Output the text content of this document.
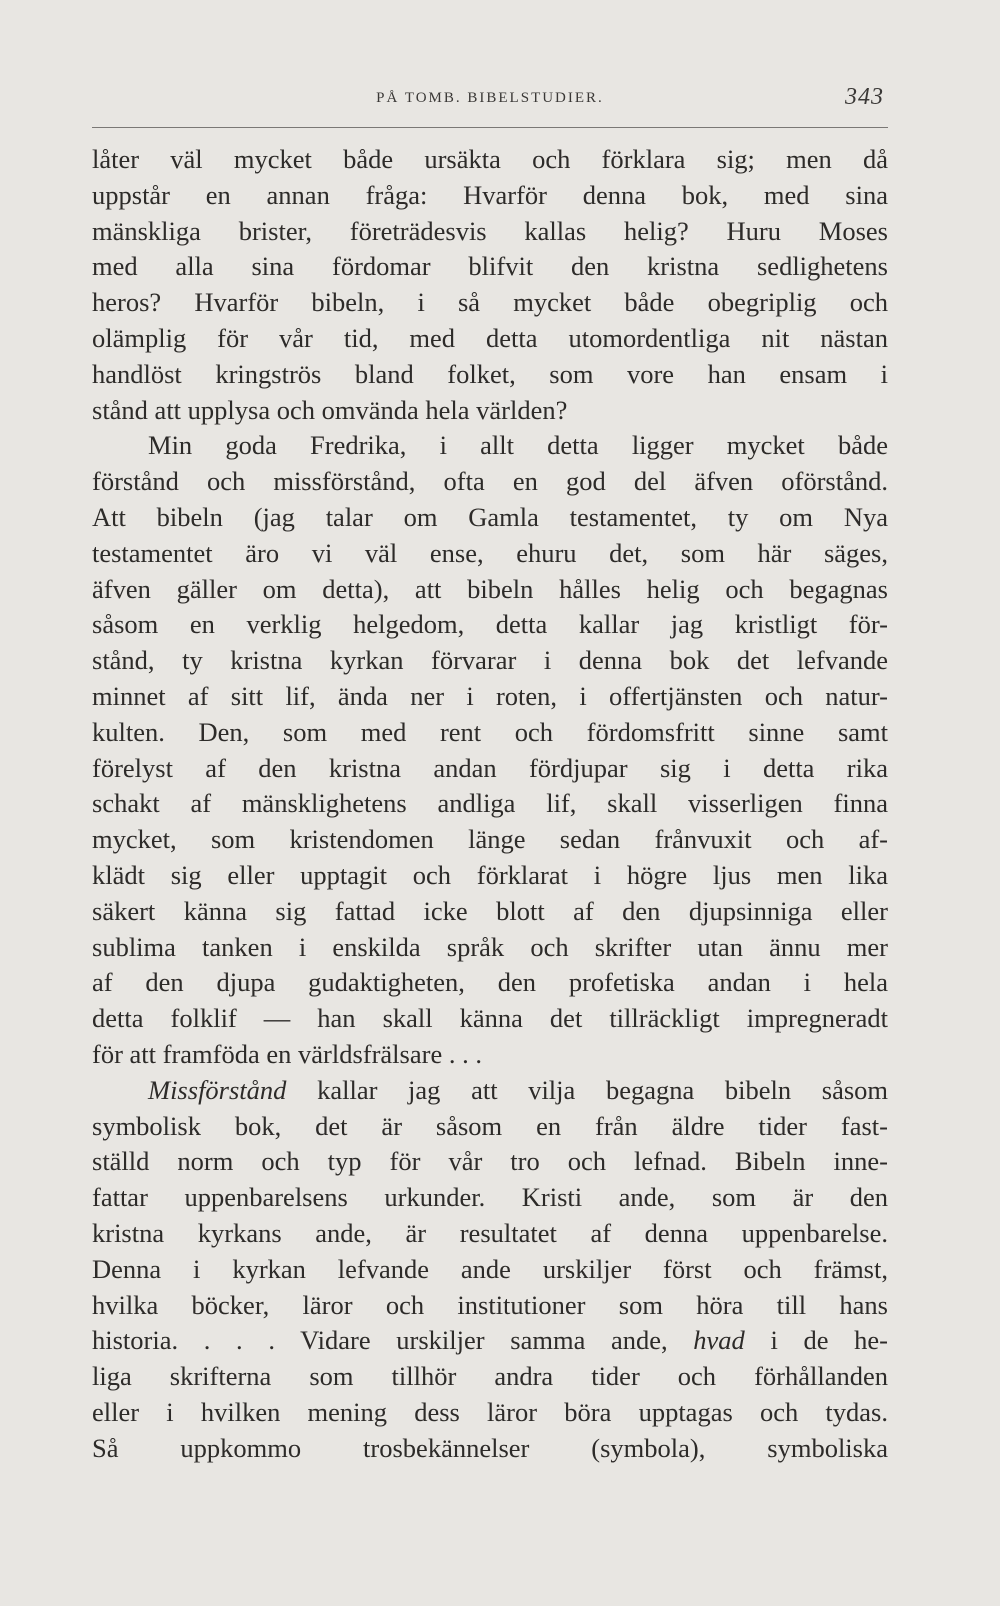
PÅ TOMB. BIBELSTUDIER.	343
låter väl mycket både ursäkta och förklara sig; men då
uppstår en annan fråga: Hvarför denna bok, med sina
mänskliga brister, företrädesvis kallas helig? Huru Moses
med alla sina fördomar blifvit den kristna sedlighetens
heros? Hvarför bibeln, i så mycket både obegriplig och
olämplig för vår tid, med detta utomordentliga nit nästan
handlöst kringströs bland folket, som vore han ensam i
stånd att upplysa och omvända hela världen?
Min goda Fredrika, i allt detta ligger mycket både
förstånd och missförstånd, ofta en god del äfven oförstånd.
Att bibeln (jag talar om Gamla testamentet, ty om Nya
testamentet äro vi väl ense, ehuru det, som här säges,
äfven gäller om detta), att bibeln hålles helig och begagnas
såsom en verklig helgedom, detta kallar jag kristligt för-
stånd, ty kristna kyrkan förvarar i denna bok det lefvande
minnet af sitt lif, ända ner i roten, i offertjänsten och natur-
kulten. Den, som med rent och fördomsfritt sinne samt
förelyst af den kristna andan fördjupar sig i detta rika
schakt af mänsklighetens andliga lif, skall visserligen finna
mycket, som kristendomen länge sedan frånvuxit och af-
klädt sig eller upptagit och förklarat i högre ljus men lika
säkert känna sig fattad icke blott af den djupsinniga eller
sublima tanken i enskilda språk och skrifter utan ännu mer
af den djupa gudaktigheten, den profetiska andan i hela
detta folklif — han skall känna det tillräckligt impregneradt
för att framföda en världsfrälsare . . .
Missförstånd kallar jag att vilja begagna bibeln såsom
symbolisk bok, det är såsom en från äldre tider fast-
ställd norm och typ för vår tro och lefnad. Bibeln inne-
fattar uppenbarelsens urkunder. Kristi ande, som är den
kristna kyrkans ande, är resultatet af denna uppenbarelse.
Denna i kyrkan lefvande ande urskiljer först och främst,
hvilka böcker, läror och institutioner som höra till hans
historia. . . . Vidare urskiljer samma ande, hvad i de he-
liga skrifterna som tillhör andra tider och förhållanden
eller i hvilken mening dess läror böra upptagas och tydas.
Så uppkommo trosbekännelser (symbola), symboliska
